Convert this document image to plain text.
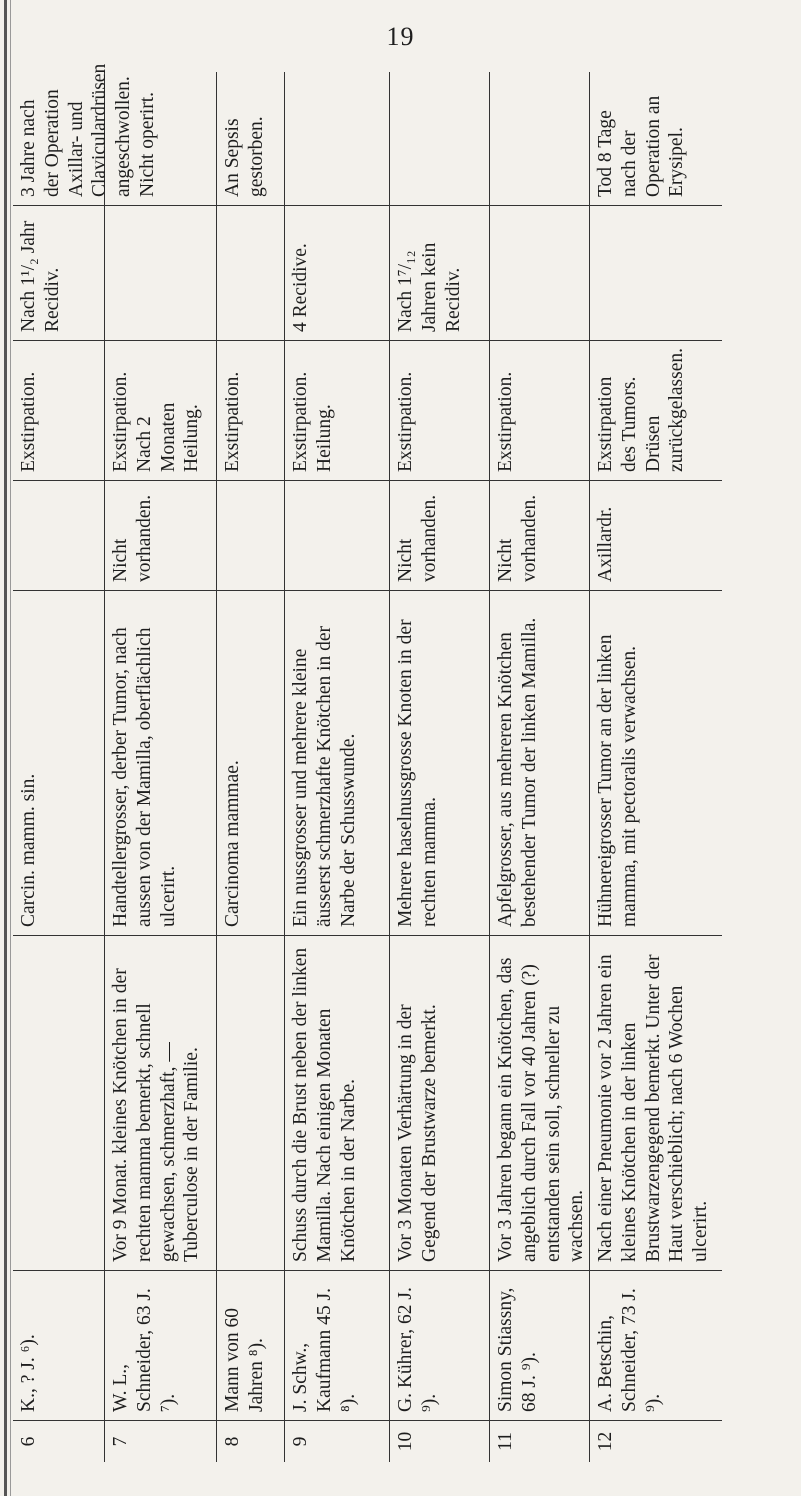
19
6
K., ? J. ⁶).
Carcin. mamm. sin.
Exstirpation.
Nach 1¹/₂ Jahr Recidiv.
3 Jahre nach der Operation Axillar- und Claviculardrüsen angeschwollen. Nicht operirt.
7
W. L., Schneider, 63 J. ⁷).
Vor 9 Monat. kleines Knötchen in der rechten mamma bemerkt, schnell gewachsen, schmerzhaft, — Tuberculose in der Familie.
Handtellergrosser, derber Tumor, nach aussen von der Mamilla, oberflächlich ulcerirt.
Nicht vorhanden.
Exstirpation. Nach 2 Monaten Heilung.
8
Mann von 60 Jahren ⁸).
Carcinoma mammae.
Exstirpation.
An Sepsis gestorben.
9
J. Schw., Kaufmann 45 J. ⁸).
Schuss durch die Brust neben der linken Mamilla. Nach einigen Monaten Knötchen in der Narbe.
Ein nussgrosser und mehrere kleine äusserst schmerzhafte Knötchen in der Narbe der Schusswunde.
Exstirpation. Heilung.
4 Recidive.
10
G. Kührer, 62 J. ⁹).
Vor 3 Monaten Verhärtung in der Gegend der Brustwarze bemerkt.
Mehrere haselnussgrosse Knoten in der rechten mamma.
Nicht vorhanden.
Exstirpation.
Nach 1⁷/₁₂ Jahren kein Recidiv.
11
Simon Stiassny, 68 J. ⁹).
Vor 3 Jahren begann ein Knötchen, das angeblich durch Fall vor 40 Jahren (?) entstanden sein soll, schneller zu wachsen.
Apfelgrosser, aus mehreren Knötchen bestehender Tumor der linken Mamilla.
Nicht vorhanden.
Exstirpation.
12
A. Betschin, Schneider, 73 J. ⁹).
Nach einer Pneumonie vor 2 Jahren ein kleines Knötchen in der linken Brustwarzengegend bemerkt. Unter der Haut verschieblich; nach 6 Wochen ulcerirt.
Hühnereigrosser Tumor an der linken mamma, mit pectoralis verwachsen.
Axillardr.
Exstirpation des Tumors. Drüsen zurückgelassen.
Tod 8 Tage nach der Operation an Erysipel.
